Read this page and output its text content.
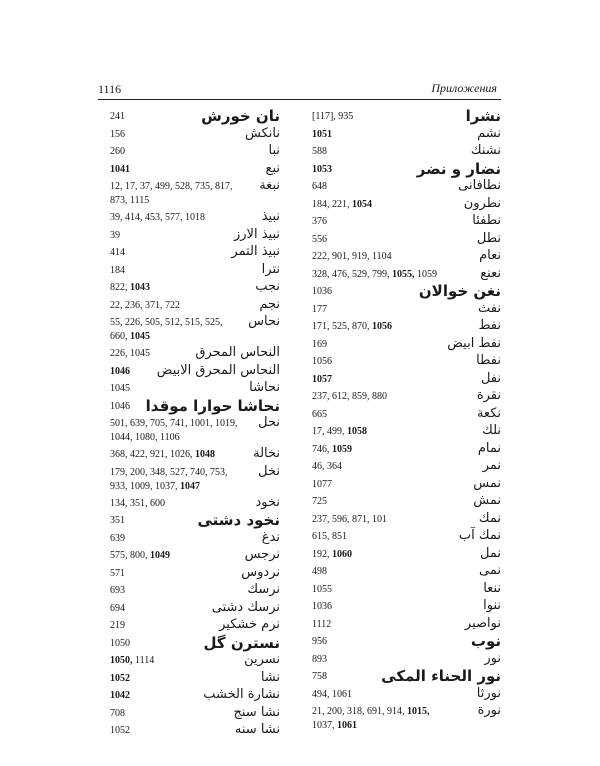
1116	Приложения
نان خورش
241
نانكش
156
نبا
260
نبع
1041
نبغة
12, 17, 37, 499, 528, 735, 817,
873, 1115
نبيذ
39, 414, 453, 577, 1018
نبيذ الارز
39
نبيذ التمر
414
نترا
184
نجب
822, 1043
نجم
22, 236, 371, 722
نحاس
55, 226, 505, 512, 515, 525,
660, 1045
النحاس المحرق
226, 1045
النحاس المحرق الابيض
1046
نحاشا
1045
نحاشا حوارا موقدا
1046
نحل
501, 639, 705, 741, 1001, 1019,
1044, 1080, 1106
نخالة
368, 422, 921, 1026, 1048
نخل
179, 200, 348, 527, 740, 753,
933, 1009, 1037, 1047
نخود
134, 351, 600
نخود دشتى
351
ندغ
639
نرجس
575, 800, 1049
نردوس
571
نرسك
693
نرسك دشتى
694
نرم خشكير
219
نسترن گل
1050
نسرين
1050, 1114
نشا
1052
نشارة الخشب
1042
نشا سنج
708
نشا سنه
1052
نشرا
[117], 935
نشم
1051
نشنك
588
نضار و نضر
1053
نطافانى
648
نطرون
184, 221, 1054
نطفئا
376
نطل
556
نعام
222, 901, 919, 1104
نعنع
328, 476, 529, 799, 1055, 1059
نغن خوالان
1036
نفث
177
نفط
171, 525, 870, 1056
نفط ابيض
169
نفطا
1056
نفل
1057
نقرة
237, 612, 859, 880
نكعة
665
نلك
17, 499, 1058
نمام
746, 1059
نمر
46, 364
نمس
1077
نمش
725
نمك
237, 596, 871, 101
نمك آب
615, 851
نمل
192, 1060
نمى
498
ننعا
1055
ننوا
1036
نواصير
1112
نوب
956
نور
893
نور الحناء المكى
758
نورثا
494, 1061
نورة
21, 200, 318, 691, 914, 1015,
1037, 1061
